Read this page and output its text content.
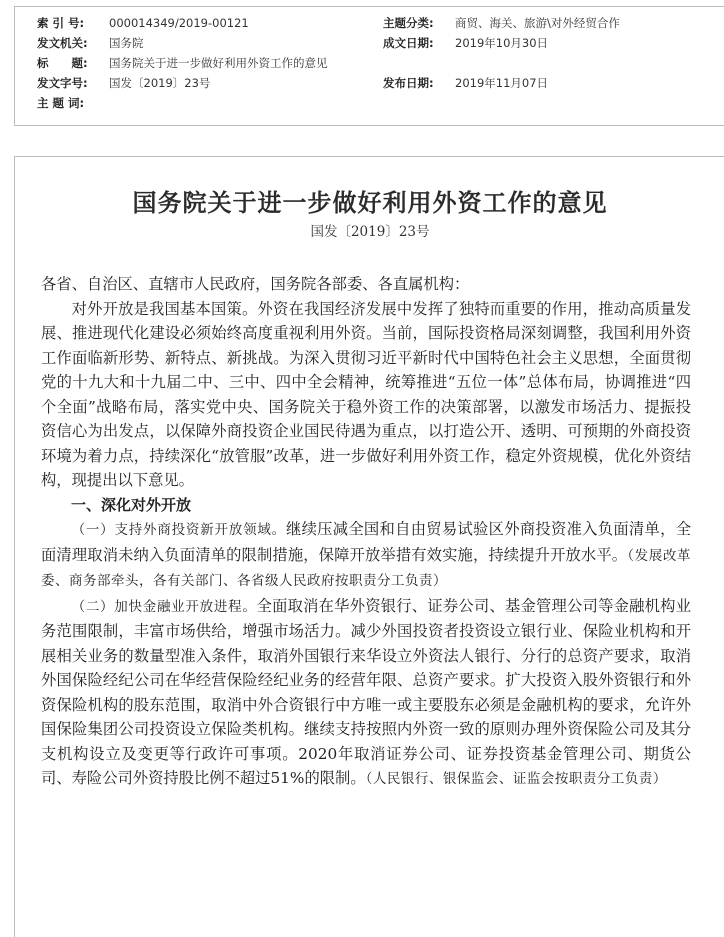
索 引 号: 000014349/2019-00121	主题分类: 商贸、海关、旅游\对外经贸合作
发文机关: 国务院	成文日期: 2019年10月30日
标　　题: 国务院关于进一步做好利用外资工作的意见
发文字号: 国发〔2019〕23号	发布日期: 2019年11月07日
主 题 词:
国务院关于进一步做好利用外资工作的意见
国发〔2019〕23号

各省、自治区、直辖市人民政府，国务院各部委、各直属机构：

对外开放是我国基本国策。外资在我国经济发展中发挥了独特而重要的作用，推动高质量发展、推进现代化建设必须始终高度重视利用外资。当前，国际投资格局深刻调整，我国利用外资工作面临新形势、新特点、新挑战。为深入贯彻习近平新时代中国特色社会主义思想，全面贯彻党的十九大和十九届二中、三中、四中全会精神，统筹推进“五位一体”总体布局，协调推进“四个全面”战略布局，落实党中央、国务院关于稳外资工作的决策部署，以激发市场活力、提振投资信心为出发点，以保障外商投资企业国民待遇为重点，以打造公开、透明、可预期的外商投资环境为着力点，持续深化“放管服”改革，进一步做好利用外资工作，稳定外资规模，优化外资结构，现提出以下意见。

一、深化对外开放

（一）支持外商投资新开放领域。继续压减全国和自由贸易试验区外商投资准入负面清单，全面清理取消未纳入负面清单的限制措施，保障开放举措有效实施，持续提升开放水平。（发展改革委、商务部牵头，各有关部门、各省级人民政府按职责分工负责）

（二）加快金融业开放进程。全面取消在华外资银行、证券公司、基金管理公司等金融机构业务范围限制，丰富市场供给，增强市场活力。减少外国投资者投资设立银行业、保险业机构和开展相关业务的数量型准入条件，取消外国银行来华设立外资法人银行、分行的总资产要求，取消外国保险经纪公司在华经营保险经纪业务的经营年限、总资产要求。扩大投资入股外资银行和外资保险机构的股东范围，取消中外合资银行中方唯一或主要股东必须是金融机构的要求，允许外国保险集团公司投资设立保险类机构。继续支持按照内外资一致的原则办理外资保险公司及其分支机构设立及变更等行政许可事项。2020年取消证券公司、证券投资基金管理公司、期货公司、寿险公司外资持股比例不超过51%的限制。（人民银行、银保监会、证监会按职责分工负责）
